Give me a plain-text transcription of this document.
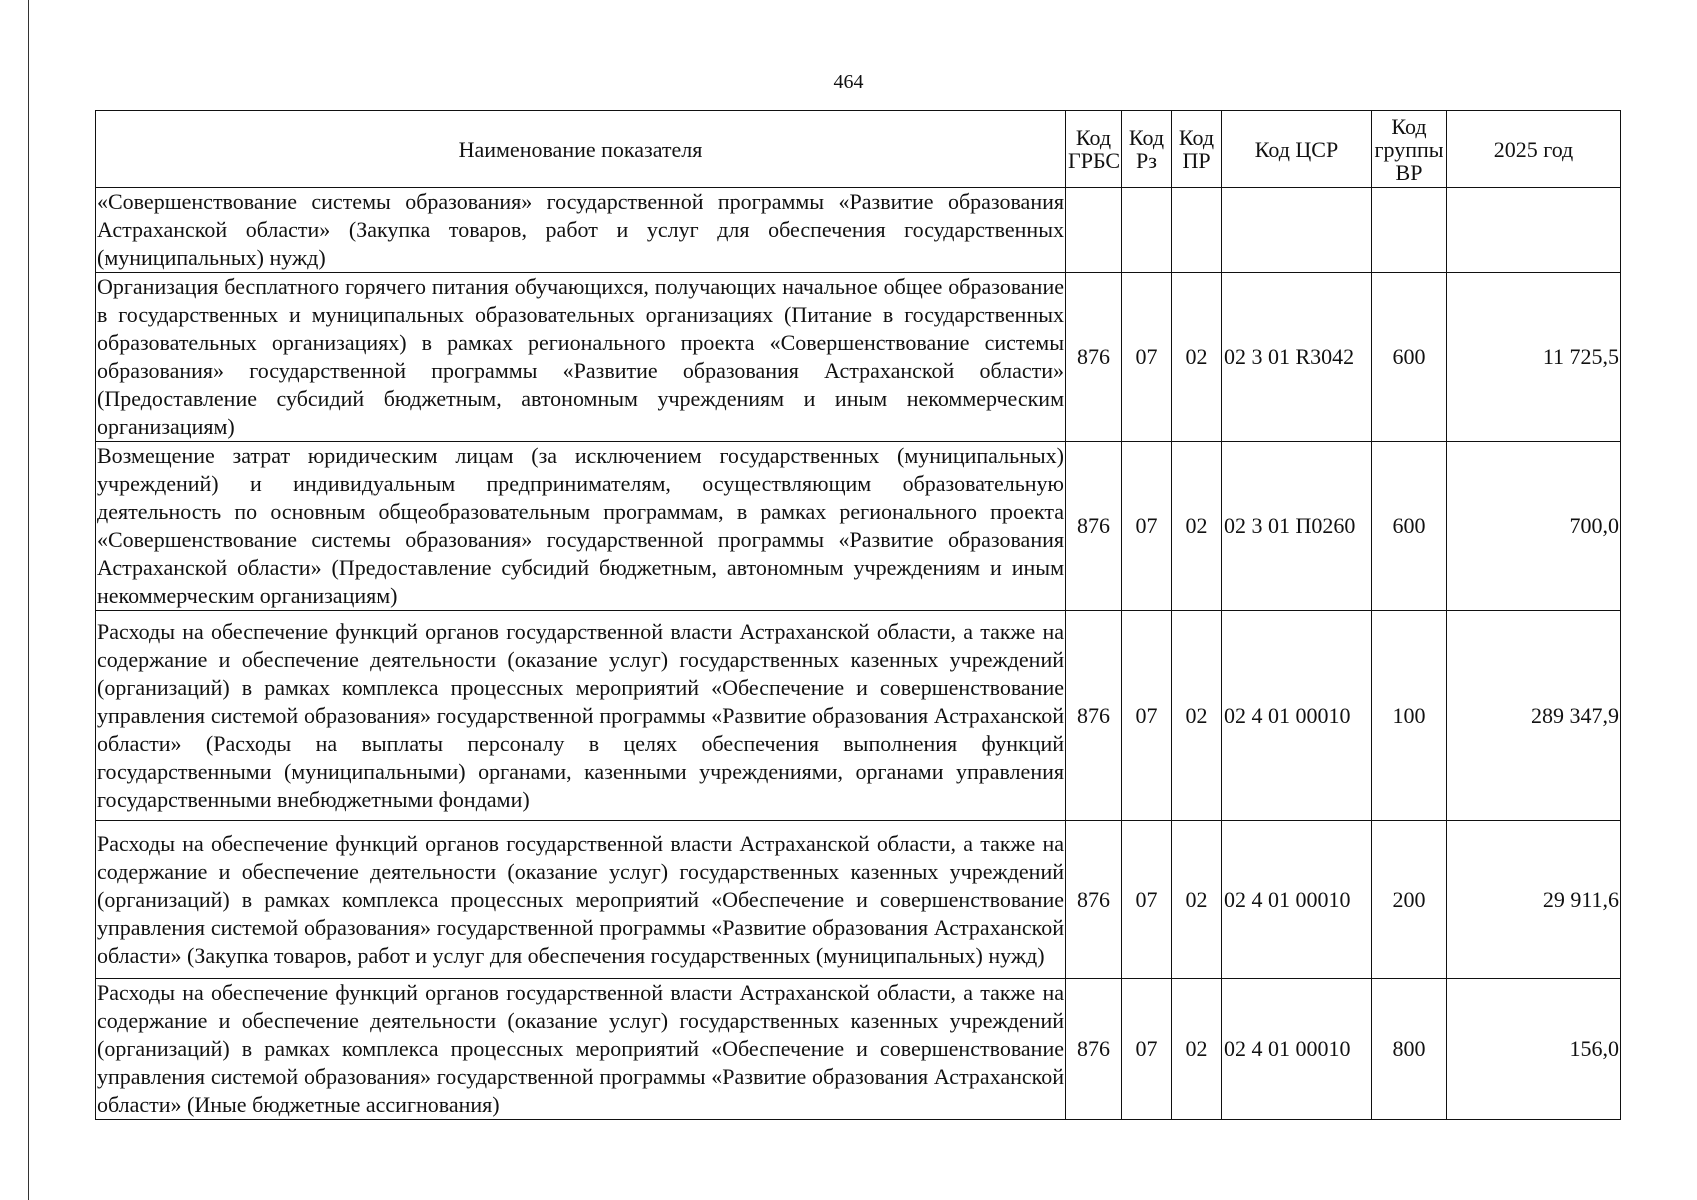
464
Наименование показателя	Код ГРБС	Код Рз	Код ПР	Код ЦСР	Код группы ВР	2025 год
«Совершенствование системы образования» государственной программы «Развитие образования Астраханской области» (Закупка товаров, работ и услуг для обеспечения государственных (муниципальных) нужд)						
Организация бесплатного горячего питания обучающихся, получающих начальное общее образование в государственных и муниципальных образовательных организациях (Питание в государственных образовательных организациях) в рамках регионального проекта «Совершенствование системы образования» государственной программы «Развитие образования Астраханской области» (Предоставление субсидий бюджетным, автономным учреждениям и иным некоммерческим организациям)	876	07	02	02 3 01 R3042	600	11 725,5
Возмещение затрат юридическим лицам (за исключением государственных (муниципальных) учреждений) и индивидуальным предпринимателям, осуществляющим образовательную деятельность по основным общеобразовательным программам, в рамках регионального проекта «Совершенствование системы образования» государственной программы «Развитие образования Астраханской области» (Предоставление субсидий бюджетным, автономным учреждениям и иным некоммерческим организациям)	876	07	02	02 3 01 П0260	600	700,0
Расходы на обеспечение функций органов государственной власти Астраханской области, а также на содержание и обеспечение деятельности (оказание услуг) государственных казенных учреждений (организаций) в рамках комплекса процессных мероприятий «Обеспечение и совершенствование управления системой образования» государственной программы «Развитие образования Астраханской области» (Расходы на выплаты персоналу в целях обеспечения выполнения функций государственными (муниципальными) органами, казенными учреждениями, органами управления государственными внебюджетными фондами)	876	07	02	02 4 01 00010	100	289 347,9
Расходы на обеспечение функций органов государственной власти Астраханской области, а также на содержание и обеспечение деятельности (оказание услуг) государственных казенных учреждений (организаций) в рамках комплекса процессных мероприятий «Обеспечение и совершенствование управления системой образования» государственной программы «Развитие образования Астраханской области» (Закупка товаров, работ и услуг для обеспечения государственных (муниципальных) нужд)	876	07	02	02 4 01 00010	200	29 911,6
Расходы на обеспечение функций органов государственной власти Астраханской области, а также на содержание и обеспечение деятельности (оказание услуг) государственных казенных учреждений (организаций) в рамках комплекса процессных мероприятий «Обеспечение и совершенствование управления системой образования» государственной программы «Развитие образования Астраханской области» (Иные бюджетные ассигнования)	876	07	02	02 4 01 00010	800	156,0
